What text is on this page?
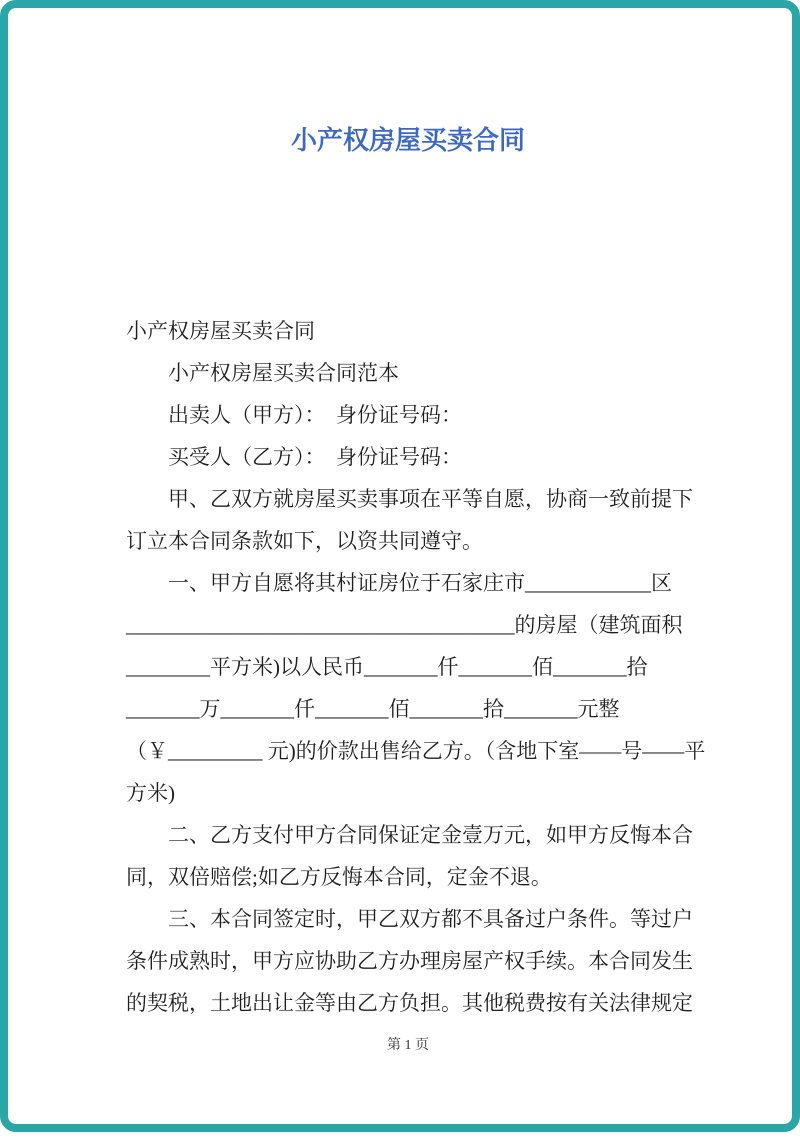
小产权房屋买卖合同
小产权房屋买卖合同
　　小产权房屋买卖合同范本
　　出卖人（甲方）：　身份证号码：
　　买受人（乙方）：　身份证号码：
　　甲、乙双方就房屋买卖事项在平等自愿，协商一致前提下
订立本合同条款如下，以资共同遵守。
　　一、甲方自愿将其村证房位于石家庄市____________区
_____________________________________的房屋（建筑面积
________平方米)以人民币_______仟_______佰_______拾
_______万_______仟_______佰_______拾_______元整
（￥_________ 元)的价款出售给乙方。（含地下室——号––––平
方米)
　　二、乙方支付甲方合同保证定金壹万元，如甲方反悔本合
同，双倍赔偿;如乙方反悔本合同，定金不退。
　　三、本合同签定时，甲乙双方都不具备过户条件。等过户
条件成熟时，甲方应协助乙方办理房屋产权手续。本合同发生
的契税，土地出让金等由乙方负担。其他税费按有关法律规定
第 1 页
